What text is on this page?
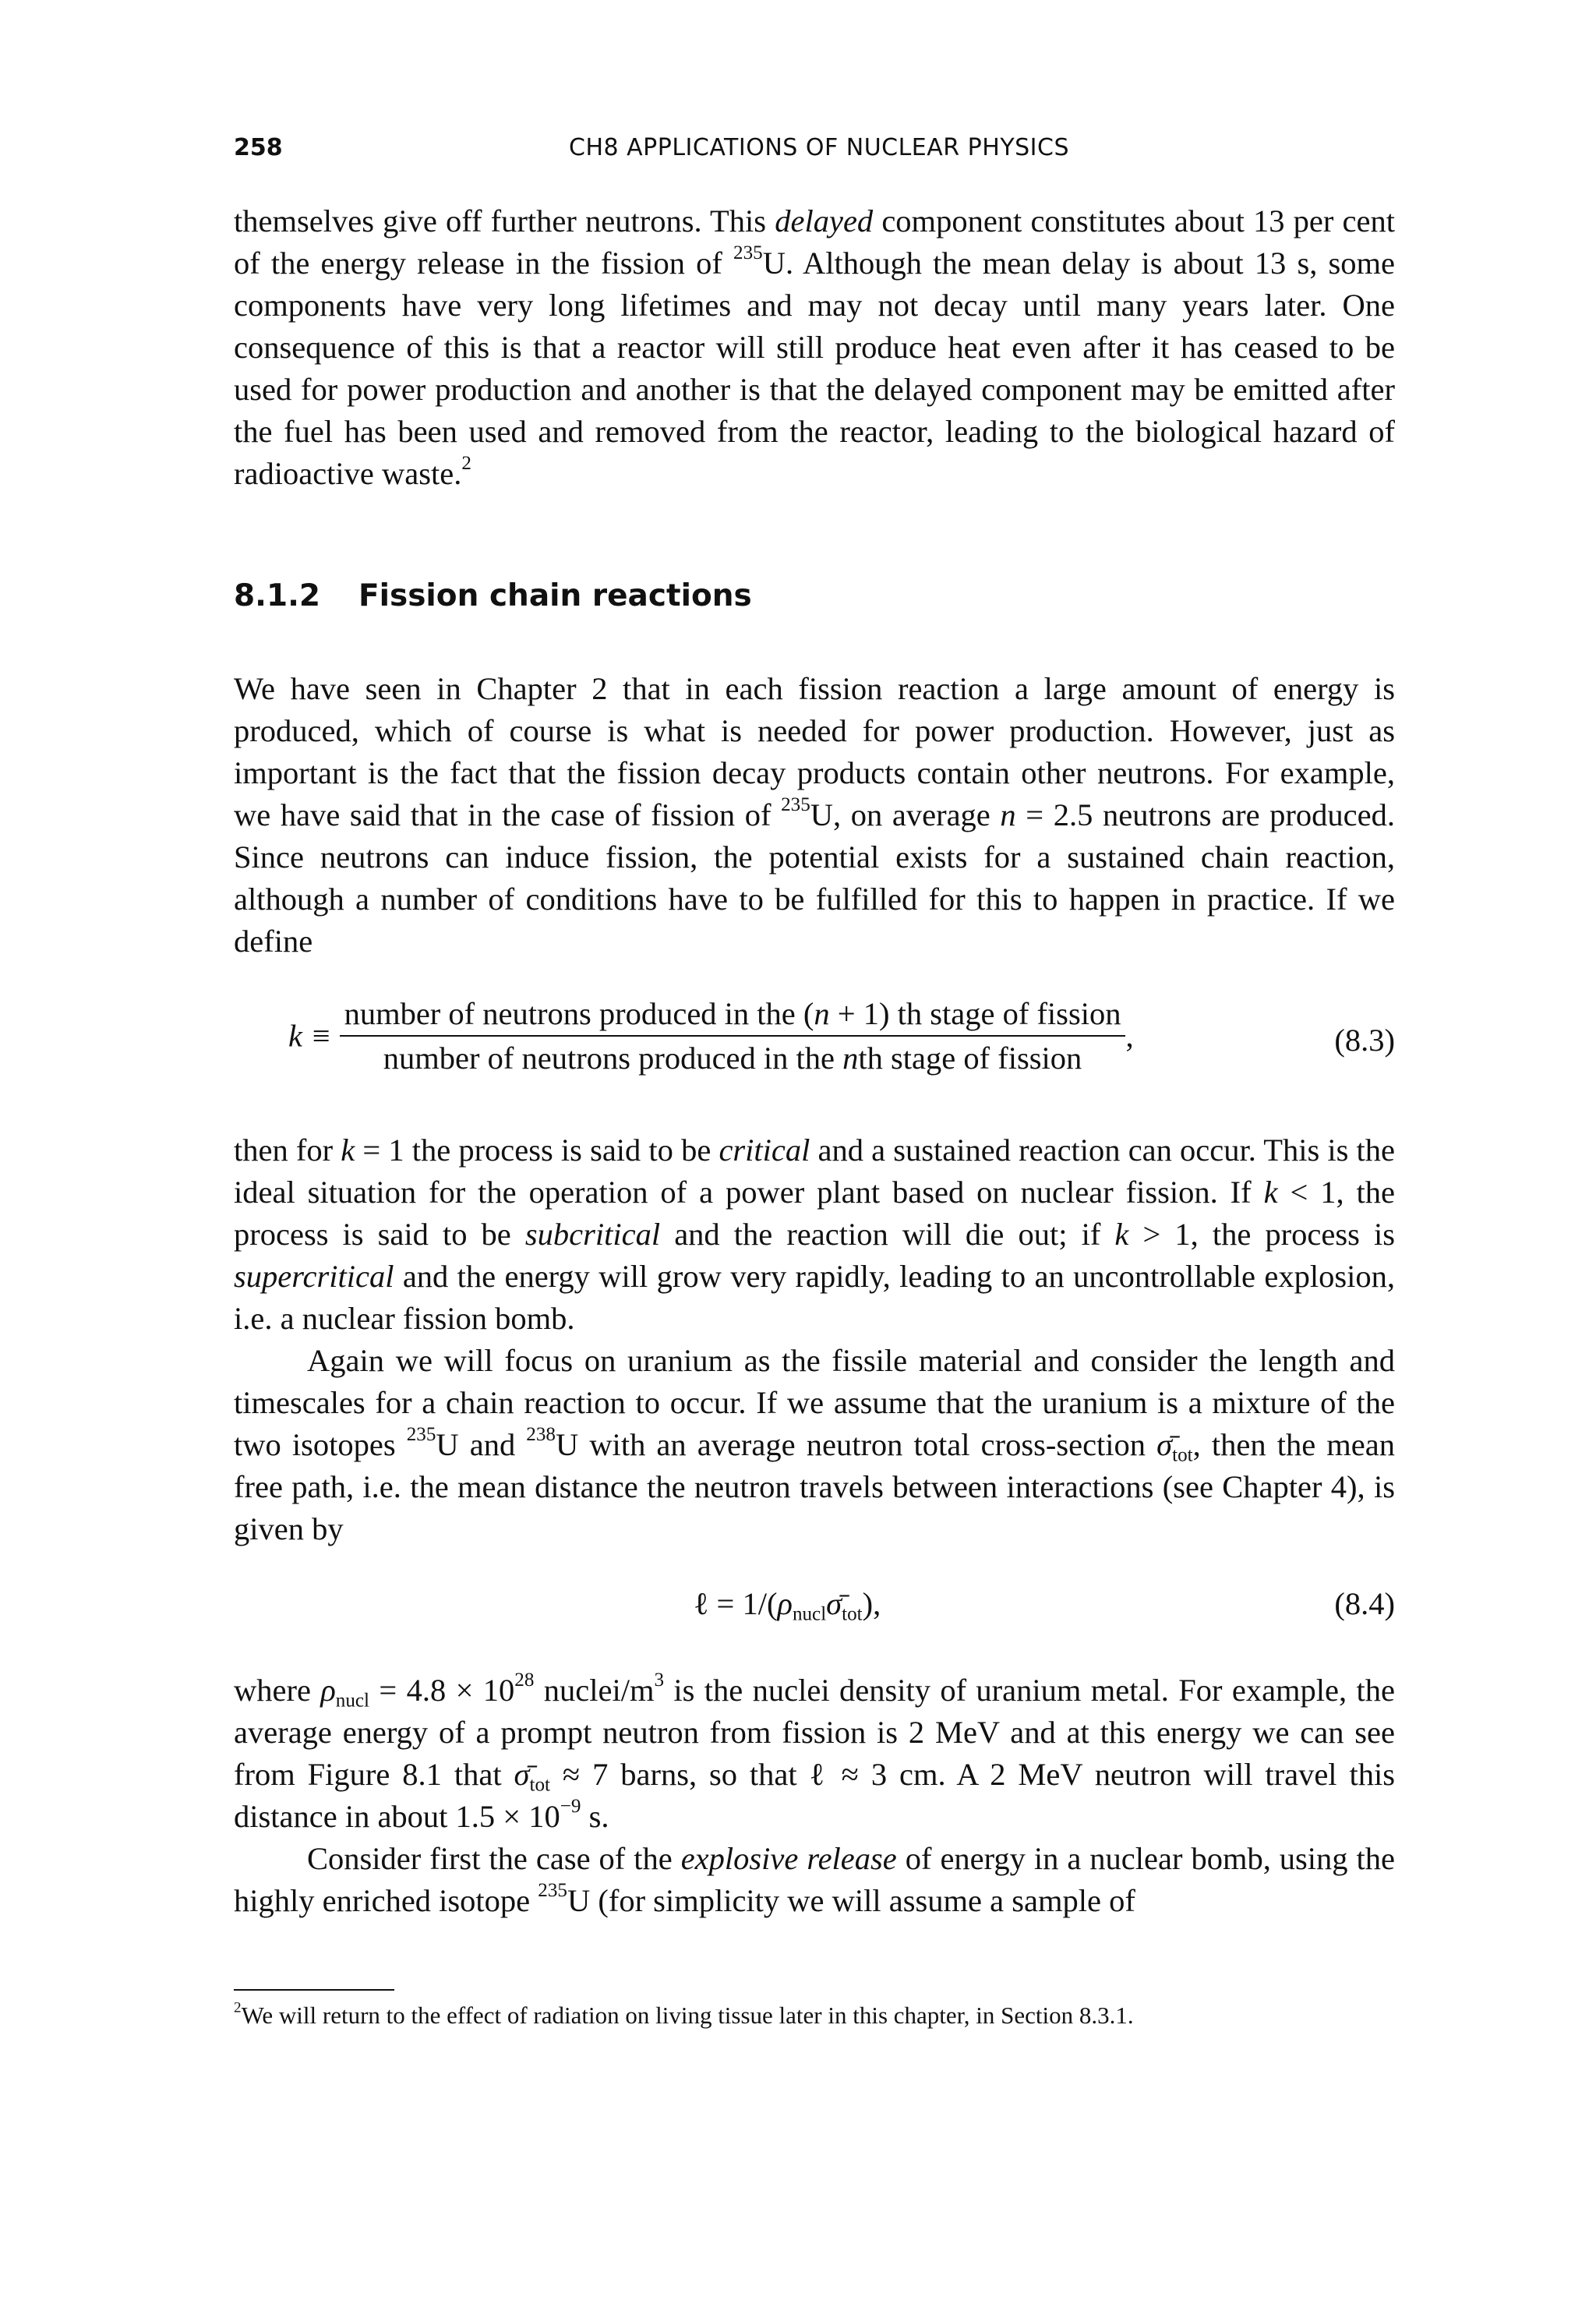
258	CH8 APPLICATIONS OF NUCLEAR PHYSICS
themselves give off further neutrons. This delayed component constitutes about 13 per cent of the energy release in the fission of $^{235}$U. Although the mean delay is about 13 s, some components have very long lifetimes and may not decay until many years later. One consequence of this is that a reactor will still produce heat even after it has ceased to be used for power production and another is that the delayed component may be emitted after the fuel has been used and removed from the reactor, leading to the biological hazard of radioactive waste.$^2$
8.1.2 Fission chain reactions
We have seen in Chapter 2 that in each fission reaction a large amount of energy is produced, which of course is what is needed for power production. However, just as important is the fact that the fission decay products contain other neutrons. For example, we have said that in the case of fission of $^{235}$U, on average n = 2.5 neutrons are produced. Since neutrons can induce fission, the potential exists for a sustained chain reaction, although a number of conditions have to be fulfilled for this to happen in practice. If we define
k ≡
number of neutrons produced in the (n + 1) th stage of fission
number of neutrons produced in the nth stage of fission
,	(8.3)
then for k = 1 the process is said to be critical and a sustained reaction can occur. This is the ideal situation for the operation of a power plant based on nuclear fission. If k < 1, the process is said to be subcritical and the reaction will die out; if k > 1, the process is supercritical and the energy will grow very rapidly, leading to an uncontrollable explosion, i.e. a nuclear fission bomb.
Again we will focus on uranium as the fissile material and consider the length and timescales for a chain reaction to occur. If we assume that the uranium is a mixture of the two isotopes $^{235}$U and $^{238}$U with an average neutron total cross-section $\sigmā_{tot}$, then the mean free path, i.e. the mean distance the neutron travels between interactions (see Chapter 4), is given by
ℓ = $1/(\rho_{nucl}\sigmā_{tot})$,	(8.4)
where $\rho_{nucl} = 4.8 \times 10^{28}$ nuclei/$m^3$ is the nuclei density of uranium metal. For example, the average energy of a prompt neutron from fission is 2 MeV and at this energy we can see from Figure 8.1 that $\sigmā_{tot} \approx 7$ barns, so that ℓ ≈ 3 cm. A 2 MeV neutron will travel this distance in about $1.5 \times 10^{-9}$ s.
Consider first the case of the explosive release of energy in a nuclear bomb, using the highly enriched isotope $^{235}$U (for simplicity we will assume a sample of
$^2$We will return to the effect of radiation on living tissue later in this chapter, in Section 8.3.1.
